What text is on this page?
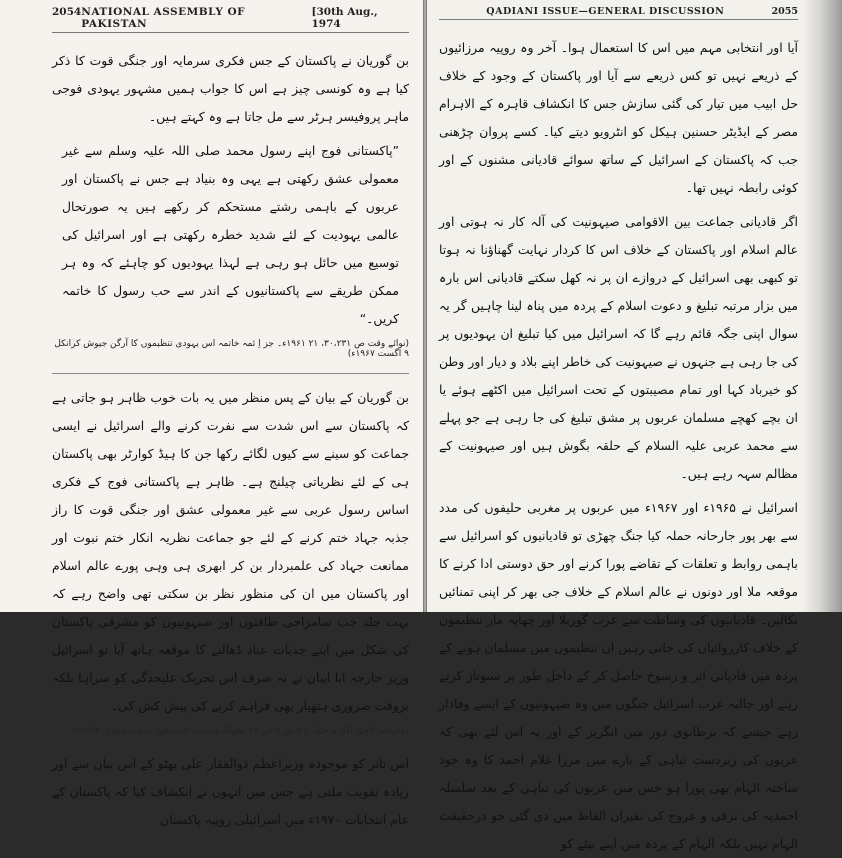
2054 NATIONAL ASSEMBLY OF PAKISTAN
[30th Aug., 1974

بن گوریان نے پاکستان کے جس فکری سرمایہ اور جنگی قوت کا ذکر کیا ہے وہ کونسی چیز ہے اس کا جواب ہمیں مشہور یہودی فوجی ماہر پروفیسر ہرٹر سے مل جاتا ہے وہ کہتے ہیں۔

”پاکستانی فوج اپنے رسول محمد صلی اللہ علیہ وسلم سے غیر معمولی عشق رکھتی ہے یہی وہ بنیاد ہے جس نے پاکستان اور عربوں کے باہمی رشتے مستحکم کر رکھے ہیں یہ صورتحال عالمی یہودیت کے لئے شدید خطرہ رکھتی ہے اور اسرائیل کی توسیع میں حائل ہو رہی ہے لہذا یہودیوں کو چاہئے کہ وہ ہر ممکن طریقے سے پاکستانیوں کے اندر سے حب رسول کا خاتمہ کریں۔“

(نوائے وقت ص ۳۰،۲۳۱، ۲۱ ۱۹۶۱ء۔ جز اِ ئمہ خاتمہ اس یہودی تنظیموں کا آرگن جیوش کرانکل ۹ اگست ۱۹۶۷ء)

بن گوریان کے بیان کے پس منظر میں یہ بات خوب ظاہر ہو جاتی ہے کہ پاکستان سے اس شدت سے نفرت کرنے والے اسرائیل نے ایسی جماعت کو سینے سے کیوں لگائے رکھا جن کا ہیڈ کوارٹر بھی پاکستان ہی کے لئے نظریاتی چیلنج ہے۔ ظاہر ہے پاکستانی فوج کے فکری اساس رسول عربی سے غیر معمولی عشق اور جنگی قوت کا راز جذبہ جہاد ختم کرنے کے لئے جو جماعت نظریہ انکار ختم نبوت اور ممانعت جہاد کی علمبردار بن کر ابھری ہی وہی پورے عالم اسلام اور پاکستان میں ان کی منظور نظر بن سکتی تھی واضح رہے کہ بہت جلد جب سامراجی طاقتوں اور صیہونیوں کو مشرقی پاکستان کی شکل میں اپنے جذبات عناد ڈھالنے کا موقعہ ہاتھ آیا تو اسرائیل وزیر خارجہ ابا ایبان نے نہ صرف اس تحریک علیحدگی کو سراہا بلکہ بروقت ضروری ہتھیار بھی فراہم کرنے کی پیش کش کی۔

(ماہنامہ الحق اکوڑہ خٹک ج ۵ ش ۹ ص ۲۸ بحوالہ ماہنامہ فلسطین بیروت جنوری ۱۹۷۲ء)

اس تاثر کو موجودہ وزیراعظم ذوالفقار علی بھٹو کے اس بیان سے اور زیادہ تقویت ملتی ہے جس میں انہوں نے انکشاف کیا کہ پاکستان کے عام انتخابات ۱۹۷۰ء میں اسرائیلی روپیہ پاکستان

QADIANI ISSUE—GENERAL DISCUSSION	2055

آیا اور انتخابی مہم میں اس کا استعمال ہوا۔ آخر وہ روپیہ مرزائیوں کے ذریعے نہیں تو کس ذریعے سے آیا اور پاکستان کے وجود کے خلاف حل ابیب میں تیار کی گئی سازش جس کا انکشاف قاہرہ کے الاہرام مصر کے ایڈیٹر حسنین ہیکل کو انٹرویو دیتے کیا۔ کسے پروان چڑھنی جب کہ پاکستان کے اسرائیل کے ساتھ سوائے قادیانی مشنوں کے اور کوئی رابطہ نہیں تھا۔

اگر قادیانی جماعت بین الاقوامی صیہونیت کی آلہ کار نہ ہوتی اور عالم اسلام اور پاکستان کے خلاف اس کا کردار نہایت گھناؤنا نہ ہوتا تو کبھی بھی اسرائیل کے دروازے ان پر نہ کھل سکتے قادیانی اس بارہ میں بزار مرتبہ تبلیغ و دعوت اسلام کے پردہ میں پناہ لینا چاہیں گر یہ سوال اپنی جگہ قائم رہے گا کہ اسرائیل میں کیا تبلیغ ان یہودیوں پر کی جا رہی ہے جنہوں نے صیہونیت کی خاطر اپنے بلاد و دیار اور وطن کو خیرباد کہا اور تمام مصیبتوں کے تحت اسرائیل میں اکٹھے ہوئے یا ان بچے کھچے مسلمان عربوں پر مشق تبلیغ کی جا رہی ہے جو پہلے سے محمد عربی علیہ السلام کے حلقہ بگوش ہیں اور صیہونیت کے مظالم سہہ رہے ہیں۔

اسرائیل نے ۱۹۶۵ء اور ۱۹۶۷ء میں عربوں پر مغربی حلیفوں کی مدد سے بھر پور جارحانہ حملہ کیا جنگ چھڑی تو قادیانیوں کو اسرائیل سے باہمی روابط و تعلقات کے تقاضے پورا کرنے اور حق دوستی ادا کرنے کا موقعہ ملا اور دونوں نے عالم اسلام کے خلاف جی بھر کر اپنی تمنائیں نکالیں۔ قادیانیوں کی وساطت سے عرب گوریلا اور چھاپہ مار تنظیموں کے خلاف کارروائیاں کی جاتی رہیں ان تنظیموں میں مسلمان ہونے کے پردہ میں قادیانی اثر و رسوخ حاصل کر کے داخل طور پر سبوتاژ کرتے رہے اور حالیہ عرب اسرائیل جنگوں میں وہ صیہونیوں کے ایسے وفادار رہے جیسے کہ برطانوی دور میں انگریز کے اور یہ اس لئے بھی کہ عربوں کی زبردست تباہی کے بارے میں مرزا غلام احمد کا وہ خود ساختہ الہام بھی پورا ہو جس میں عربوں کی تباہی کے بعد سلسلہ احمدیہ کی ترقی و عروج کی نقبران الفاظ میں دی گئی جو درحقیقت الہام نہیں بلکہ الہام کے پردہ میں اپنے بیٹے کو
